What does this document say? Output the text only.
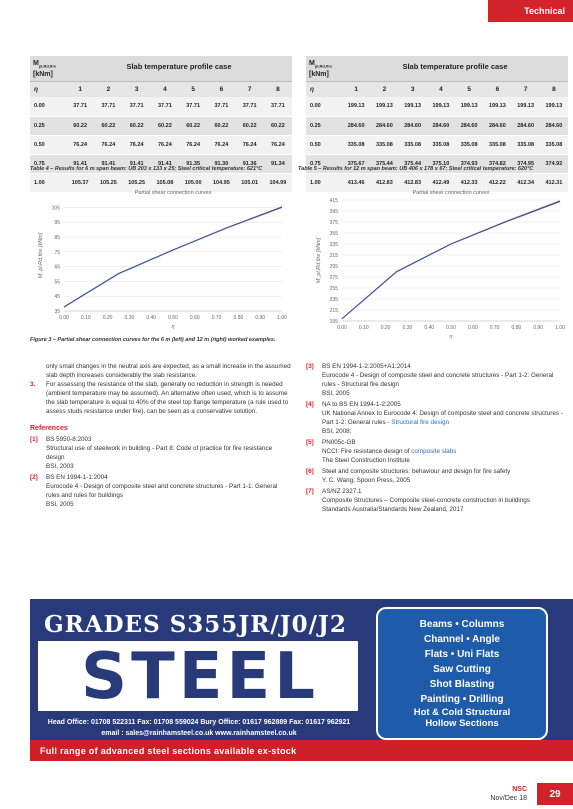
Technical
$M_{pl,Rd,fire}$
[kNm]
Slab temperature profile case
η	1	2	3	4	5	6	7	8
0.00	37.71	37.71	37.71	37.71	37.71	37.71	37.71	37.71
0.25	60.22	60.22	60.22	60.22	60.22	60.22	60.22	60.22
0.50	76.24	76.24	76.24	76.24	76.24	76.24	76.24	76.24
0.75	91.41	91.41	91.41	91.41	91.35	91.30	91.36	91.34
1.00	105.37	105.25	105.25	105.08	105.00	104.95	105.01	104.99
Table 4 – Results for 6 m span beam: UB 203 x 133 x 25; Steel critical temperature: 621°C
$M_{pl,Rd,fire}$
[kNm]
Slab temperature profile case
η	1	2	3	4	5	6	7	8
0.00	199.13	199.13	199.13	199.13	199.13	199.13	199.13	199.13
0.25	284.60	284.60	284.60	284.60	284.60	284.60	284.60	284.60
0.50	335.08	335.08	335.08	335.08	335.08	335.08	335.08	335.08
0.75	375.67	375.44	375.44	375.10	374.93	374.82	374.95	374.92
1.00	413.46	412.83	412.83	412.49	412.33	412.22	412.34	412.31
Table 5 – Results for 12 m span beam: UB 406 x 178 x 67; Steel critical temperature: 620°C
Partial shear connection curves
35
45
55
65
75
85
95
105
0.00 0.10 0.20 0.30 0.40 0.50 0.60 0.70 0.80 0.90 1.00
η
M_pl,Rd,fire [kNm]
Partial shear connection curves
195
215
235
255
275
295
315
335
355
375
395
415
0.00 0.10 0.20 0.30 0.40 0.50 0.60 0.70 0.80 0.90 1.00
η
M_pl,Rd,fire [kNm]
Figure 3 – Partial shear connection curves for the 6 m (left) and 12 m (right) worked examples.
only small changes in the neutral axis are expected, as a small increase in the assumed slab depth increases considerably the slab resistance.
3. For assessing the resistance of the slab, generally no reduction in strength is needed (ambient temperature may be assumed). An alternative often used, which is to assume the slab temperature is equal to 40% of the steel top flange temperature (a rule used to assess studs resistance under fire), can be seen as a conservative solution.
References
[1] BS 5950-8:2003
Structural use of steelwork in building - Part 8: Code of practice for fire resistance design
BSI, 2003
[2] BS EN 1994-1-1:2004
Eurocode 4 - Design of composite steel and concrete structures - Part 1-1: General rules and rules for buildings
BSI, 2005
[3] BS EN 1994-1-2:2005+A1:2014
Eurocode 4 - Design of composite steel and concrete structures - Part 1-2: General rules - Structural fire design
BSI, 2005
[4] NA to BS EN 1994-1-2:2005
UK National Annex to Eurocode 4: Design of composite steel and concrete structures - Part 1-2: General rules - Structural fire design
BSI, 2008;
[5] PN005c-GB
NCCI: Fire resistance design of composite slabs
The Steel Construction Institute
[6] Steel and composite structures: behaviour and design for fire safety
Y. C. Wang, Spoon Press, 2005
[7] AS/NZ 2327.1
Composite Structures – Composite steel-concrete construction in buildings
Standards Australia/Standards New Zealand, 2017
GRADES S355JR/J0/J2
STEEL
Head Office: 01708 522311 Fax: 01708 559024 Bury Office: 01617 962889 Fax: 01617 962921
email : sales@rainhamsteel.co.uk www.rainhamsteel.co.uk
Beams • Columns
Channel • Angle
Flats • Uni Flats
Saw Cutting
Shot Blasting
Painting • Drilling
Hot & Cold Structural
Hollow Sections
Full range of advanced steel sections available ex-stock
NSC
Nov/Dec 18	29
